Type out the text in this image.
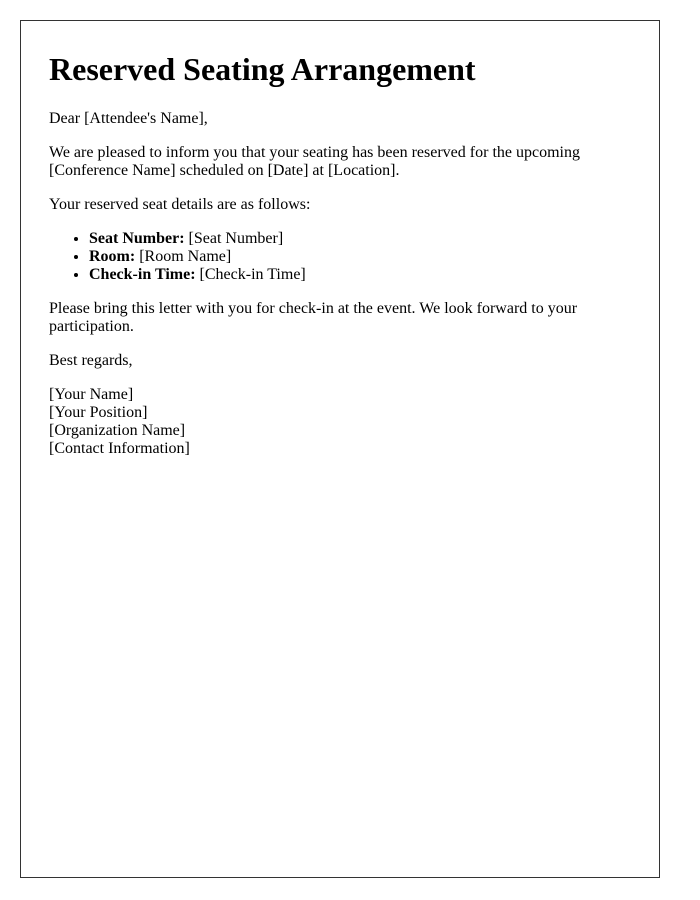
Reserved Seating Arrangement

Dear [Attendee's Name],

We are pleased to inform you that your seating has been reserved for the upcoming [Conference Name] scheduled on [Date] at [Location].

Your reserved seat details are as follows:

• Seat Number: [Seat Number]
• Room: [Room Name]
• Check-in Time: [Check-in Time]

Please bring this letter with you for check-in at the event. We look forward to your participation.

Best regards,

[Your Name]

[Your Position]

[Organization Name]

[Contact Information]
